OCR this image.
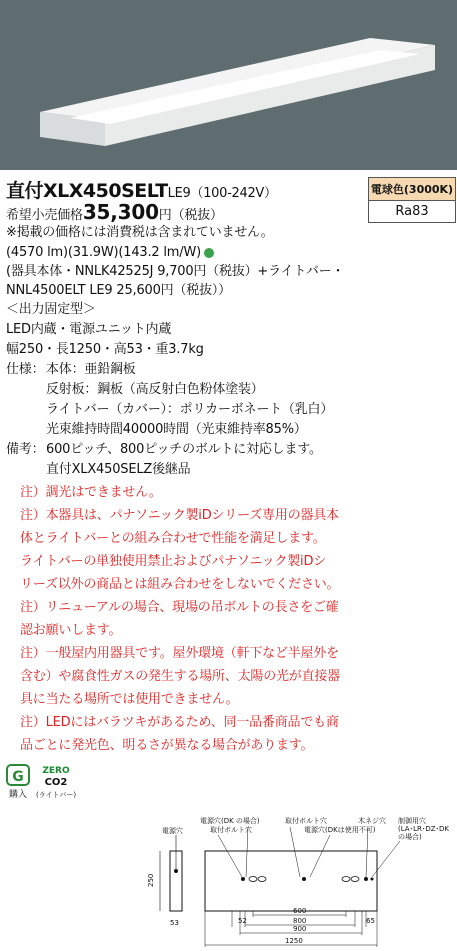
直付XLX450SELTLE9（100-242V）	電球色(3000K)
Ra83
希望小売価格35,300円（税抜）
※掲載の価格には消費税は含まれていません。
(4570 lm)(31.9W)(143.2 lm/W)
(器具本体・NNLK42525J 9,700円（税抜）+ライトバー・
NNL4500ELT LE9 25,600円（税抜））
＜出力固定型＞
LED内蔵・電源ユニット内蔵
幅250・長1250・高53・重3.7kg
仕様： 本体：亜鉛鋼板
反射板：鋼板（高反射白色粉体塗装）
ライトバー（カバー）：ポリカーボネート（乳白）
光束維持時間40000時間（光束維持率85%）
備考： 600ピッチ、800ピッチのボルトに対応します。
直付XLX450SELZ後継品
注）調光はできません。
注）本器具は、パナソニック製iDシリーズ専用の器具本
体とライトバーとの組み合わせで性能を満足します。
ライトバーの単独使用禁止およびパナソニック製iDシ
リーズ以外の商品とは組み合わせをしないでください。
注）リニューアルの場合、現場の吊ボルトの長さをご確
認お願いします。
注）一般屋内用器具です。屋外環境（軒下など半屋外を
含む）や腐食性ガスの発生する場所、太陽の光が直接器
具に当たる場所では使用できません。
注）LEDにはバラツキがあるため、同一品番商品でも商
品ごとに発光色、明るさが異なる場合があります。
G
購入
ZERO
CO2
(ライトバー)
電源穴
250
53
電源穴(DK の場合)
取付ボルト穴
取付ボルト穴
電源穴(DKは使用不可)
木ネジ穴 制御用穴
(LA･LR･DZ･DK
の場合)
52
600
800
900
65
1250
